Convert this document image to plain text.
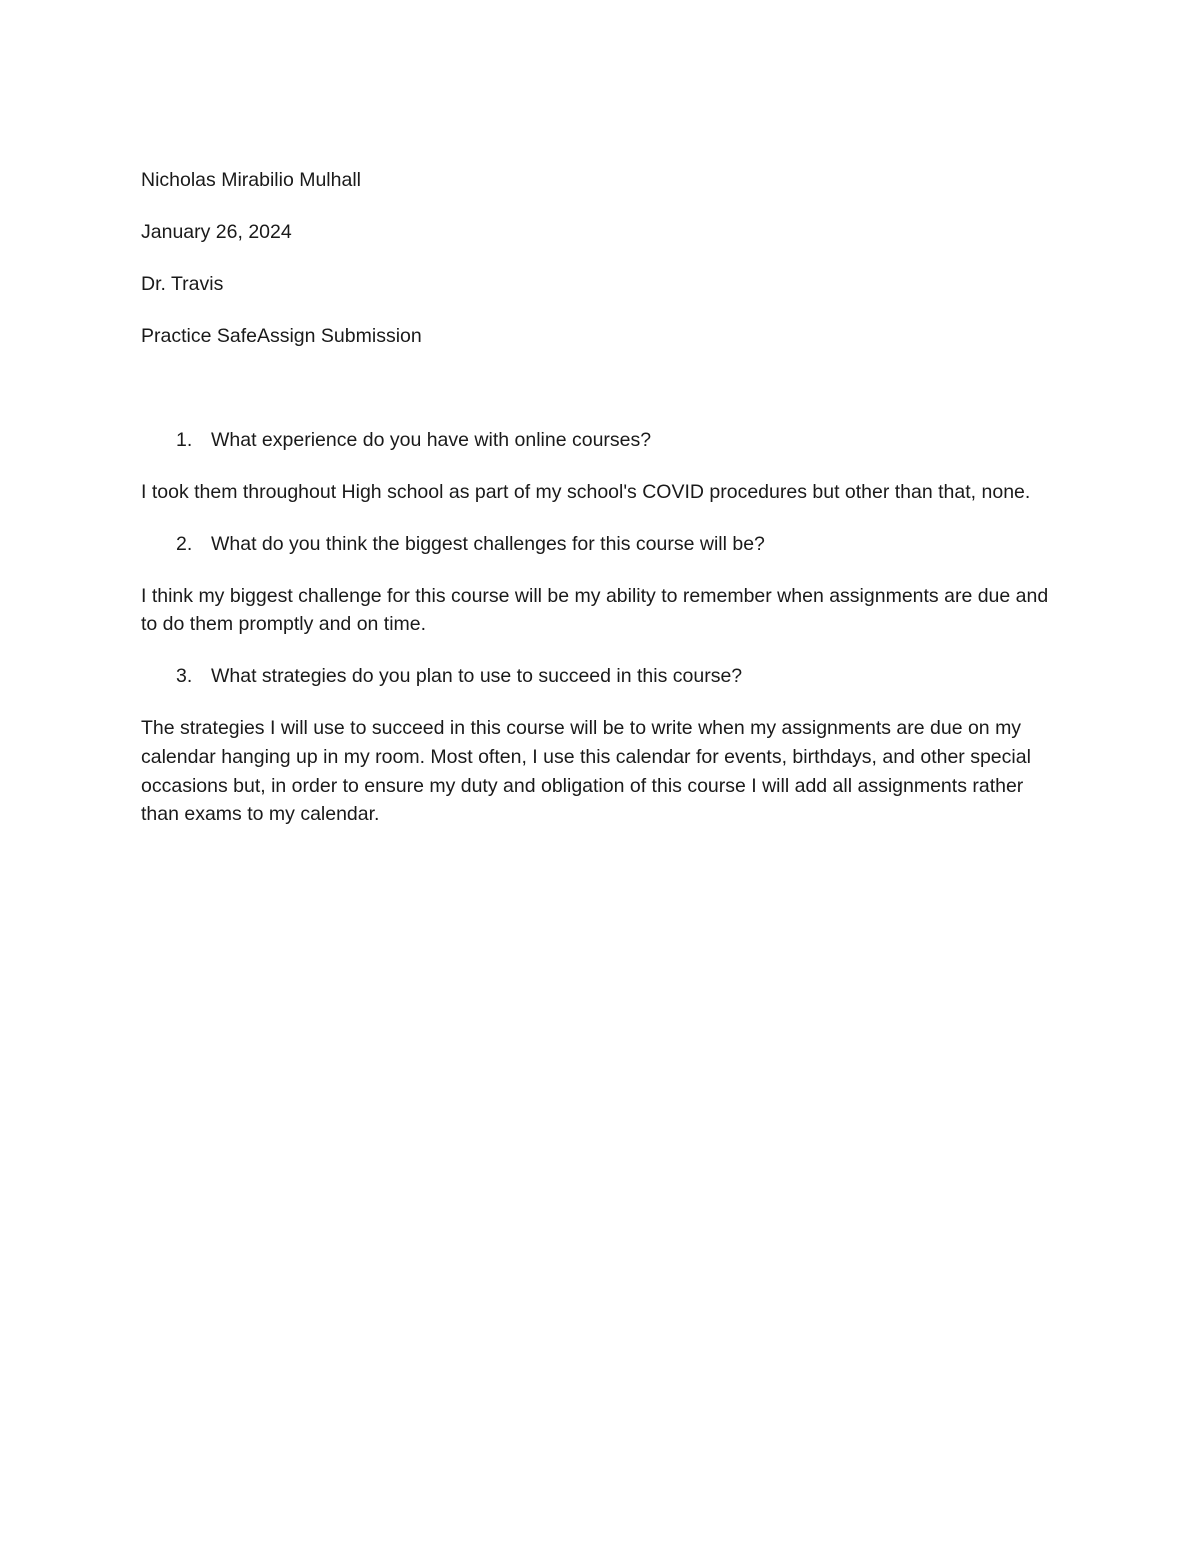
Nicholas Mirabilio Mulhall

January 26, 2024

Dr. Travis

Practice SafeAssign Submission

1. What experience do you have with online courses?

I took them throughout High school as part of my school's COVID procedures but other than that, none.

2. What do you think the biggest challenges for this course will be?

I think my biggest challenge for this course will be my ability to remember when assignments are due and to do them promptly and on time.

3. What strategies do you plan to use to succeed in this course?

The strategies I will use to succeed in this course will be to write when my assignments are due on my calendar hanging up in my room. Most often, I use this calendar for events, birthdays, and other special occasions but, in order to ensure my duty and obligation of this course I will add all assignments rather than exams to my calendar.
